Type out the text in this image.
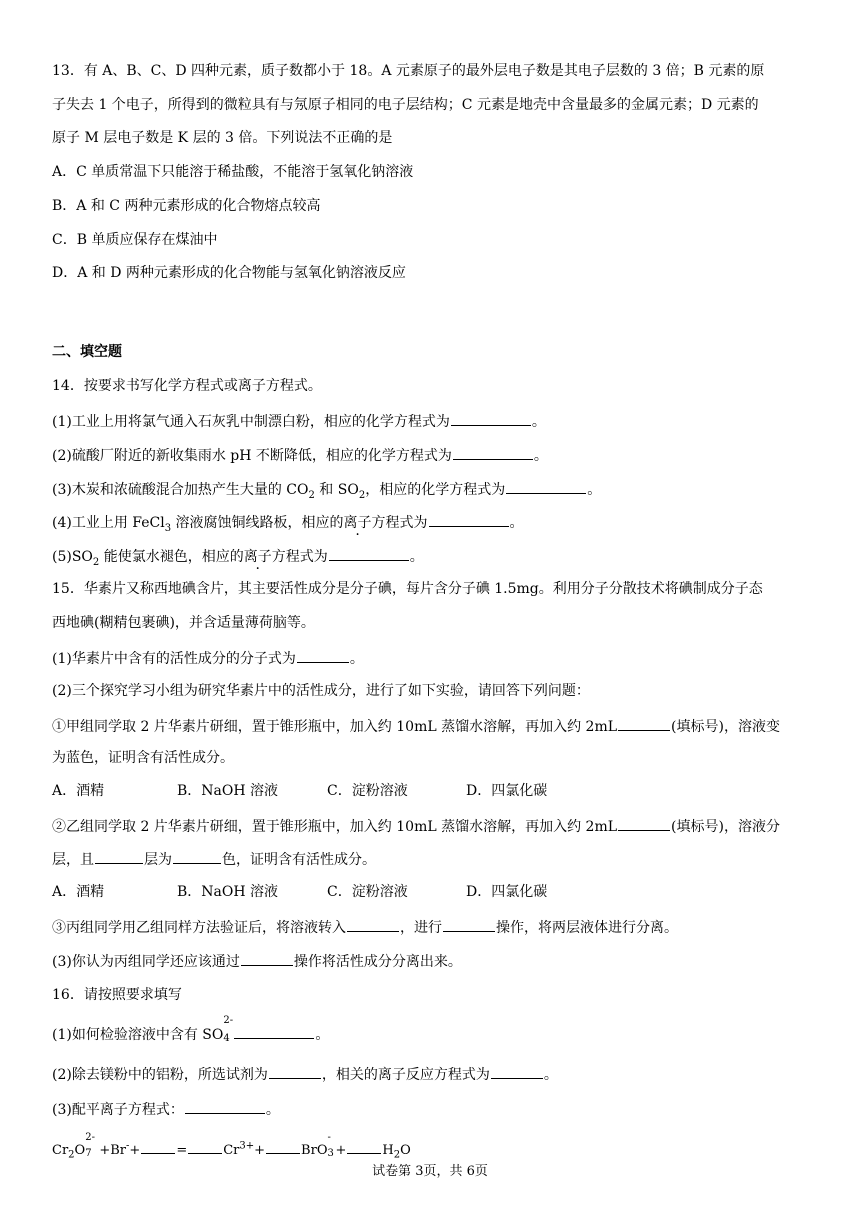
13．有 A、B、C、D 四种元素，质子数都小于 18。A 元素原子的最外层电子数是其电子层数的 3 倍；B 元素的原
子失去 1 个电子，所得到的微粒具有与氖原子相同的电子层结构；C 元素是地壳中含量最多的金属元素；D 元素的
原子 M 层电子数是 K 层的 3 倍。下列说法不正确的是
A．C 单质常温下只能溶于稀盐酸，不能溶于氢氧化钠溶液
B．A 和 C 两种元素形成的化合物熔点较高
C．B 单质应保存在煤油中
D．A 和 D 两种元素形成的化合物能与氢氧化钠溶液反应
二、填空题
14．按要求书写化学方程式或离子方程式。
(1)工业上用将氯气通入石灰乳中制漂白粉，相应的化学方程式为	。
(2)硫酸厂附近的新收集雨水 pH 不断降低，相应的化学方程式为	。
(3)木炭和浓硫酸混合加热产生大量的 $CO_2$ 和 $SO_2$，相应的化学方程式为	。
(4)工业上用 FeCl$_3$ 溶液腐蚀铜线路板，相应的离子方程式为	。
$(5)SO_2$ 能使氯水褪色，相应的离子方程式为	。
15．华素片又称西地碘含片，其主要活性成分是分子碘，每片含分子碘 1.5mg。利用分子分散技术将碘制成分子态
西地碘(糊精包裹碘)，并含适量薄荷脑等。
(1)华素片中含有的活性成分的分子式为	。
(2)三个探究学习小组为研究华素片中的活性成分，进行了如下实验，请回答下列问题：
①甲组同学取 2 片华素片研细，置于锥形瓶中，加入约 10mL 蒸馏水溶解，再加入约 2mL	(填标号)，溶液变
为蓝色，证明含有活性成分。
A．酒精	B．NaOH 溶液	C．淀粉溶液	D．四氯化碳
②乙组同学取 2 片华素片研细，置于锥形瓶中，加入约 10mL 蒸馏水溶解，再加入约 2mL	(填标号)，溶液分
层，且	层为	色，证明含有活性成分。
A．酒精	B．NaOH 溶液	C．淀粉溶液	D．四氯化碳
③丙组同学用乙组同样方法验证后，将溶液转入	，进行	操作，将两层液体进行分离。
(3)你认为丙组同学还应该通过	操作将活性成分分离出来。
16．请按照要求填写
(1)如何检验溶液中含有 SO
2-
4	。
(2)除去镁粉中的铝粉，所选试剂为	，相关的离子反应方程式为	。
(3)配平离子方程式：	。
$Cr_2O$
2-
7 +Br-+	=	$Cr^{3+}+$	BrO
-
3 +	$H_2O$
试卷第 3页，共 6页
